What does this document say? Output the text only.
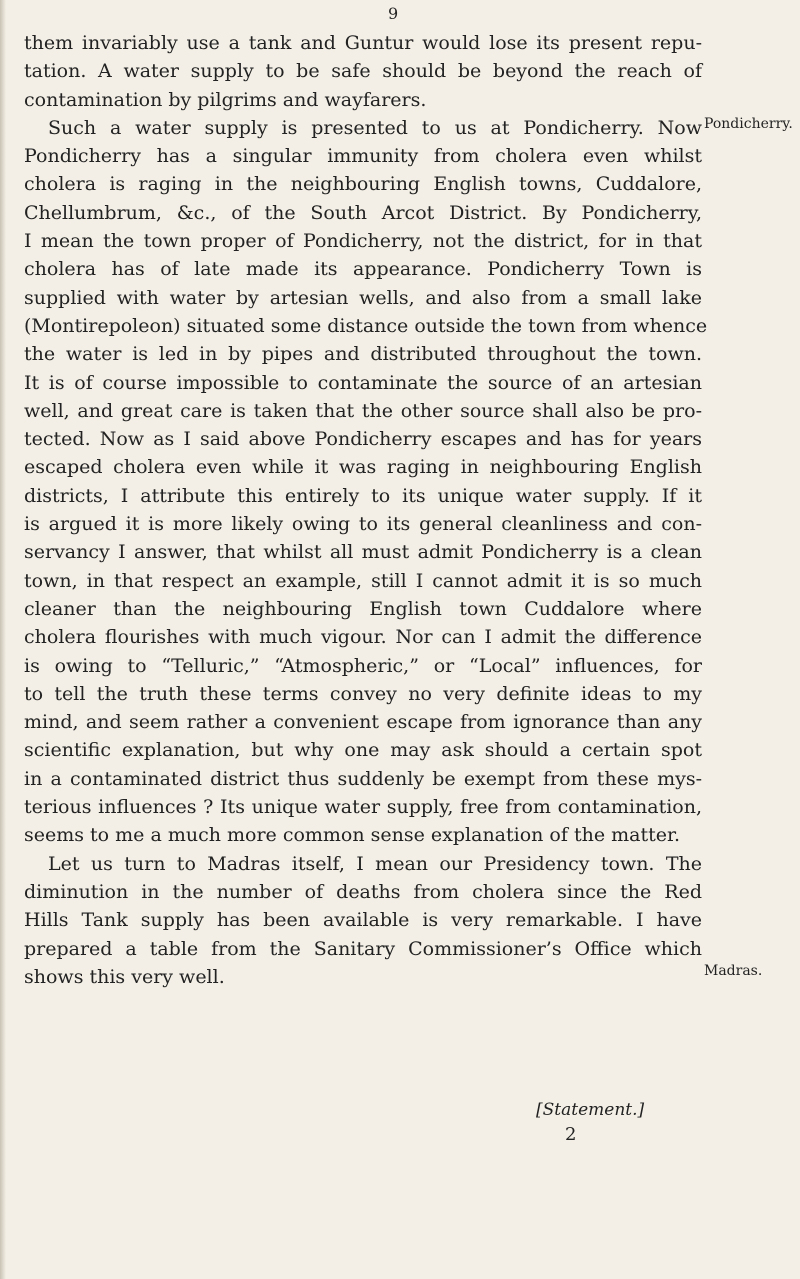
9
them invariably use a tank and Guntur would lose its present repu-
tation. A water supply to be safe should be beyond the reach of
contamination by pilgrims and wayfarers.
Such a water supply is presented to us at Pondicherry. Now
Pondicherry has a singular immunity from cholera even whilst
cholera is raging in the neighbouring English towns, Cuddalore,
Chellumbrum, &c., of the South Arcot District. By Pondicherry,
I mean the town proper of Pondicherry, not the district, for in that
cholera has of late made its appearance. Pondicherry Town is
supplied with water by artesian wells, and also from a small lake
(Montirepoleon) situated some distance outside the town from whence
the water is led in by pipes and distributed throughout the town.
It is of course impossible to contaminate the source of an artesian
well, and great care is taken that the other source shall also be pro-
tected. Now as I said above Pondicherry escapes and has for years
escaped cholera even while it was raging in neighbouring English
districts, I attribute this entirely to its unique water supply. If it
is argued it is more likely owing to its general cleanliness and con-
servancy I answer, that whilst all must admit Pondicherry is a clean
town, in that respect an example, still I cannot admit it is so much
cleaner than the neighbouring English town Cuddalore where
cholera flourishes with much vigour. Nor can I admit the difference
is owing to “Telluric,” “Atmospheric,” or “Local” influences, for
to tell the truth these terms convey no very definite ideas to my
mind, and seem rather a convenient escape from ignorance than any
scientific explanation, but why one may ask should a certain spot
in a contaminated district thus suddenly be exempt from these mys-
terious influences ? Its unique water supply, free from contamination,
seems to me a much more common sense explanation of the matter.
Let us turn to Madras itself, I mean our Presidency town. The
diminution in the number of deaths from cholera since the Red
Hills Tank supply has been available is very remarkable. I have
prepared a table from the Sanitary Commissioner’s Office which
shows this very well.
Pondicherry.
Madras.
[Statement.]
2
